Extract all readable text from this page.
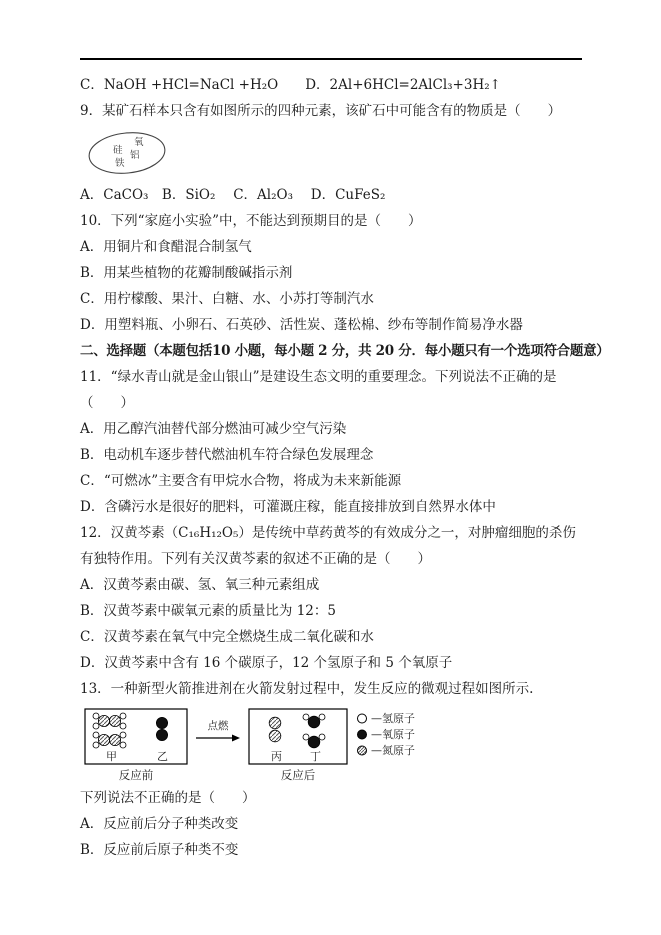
C．NaOH +HCl=NaCl +H₂O　　D．2Al+6HCl=2AlCl₃+3H₂↑

9．某矿石样本只含有如图所示的四种元素，该矿石中可能含有的物质是（　　）

氧
硅 铝
铁

A．CaCO₃　B．SiO₂ 　C．Al₂O₃ 　D．CuFeS₂

10．下列“家庭小实验”中，不能达到预期目的是（　　）

A．用铜片和食醋混合制氢气

B．用某些植物的花瓣制酸碱指示剂

C．用柠檬酸、果汁、白糖、水、小苏打等制汽水

D．用塑料瓶、小卵石、石英砂、活性炭、蓬松棉、纱布等制作简易净水器

二、选择题（本题包括10 小题，每小题 2 分，共 20 分．每小题只有一个选项符合题意）

11．“绿水青山就是金山银山”是建设生态文明的重要理念。下列说法不正确的是（　　）

A．用乙醇汽油替代部分燃油可减少空气污染

B．电动机车逐步替代燃油机车符合绿色发展理念

C．“可燃冰”主要含有甲烷水合物，将成为未来新能源

D．含磷污水是很好的肥料，可灌溉庄稼，能直接排放到自然界水体中

12．汉黄芩素（C₁₆H₁₂O₅）是传统中草药黄芩的有效成分之一，对肿瘤细胞的杀伤有独特作用。下列有关汉黄芩素的叙述不正确的是（　　）

A．汉黄芩素由碳、氢、氧三种元素组成

B．汉黄芩素中碳氧元素的质量比为 12：5

C．汉黄芩素在氧气中完全燃烧生成二氧化碳和水

D．汉黄芩素中含有 16 个碳原子，12 个氢原子和 5 个氧原子

13．一种新型火箭推进剂在火箭发射过程中，发生反应的微观过程如图所示.

甲	乙
反应前
点燃
丙	丁
反应后
—氢原子
—氧原子
—氮原子

下列说法不正确的是（　　）

A．反应前后分子种类改变

B．反应前后原子种类不变
